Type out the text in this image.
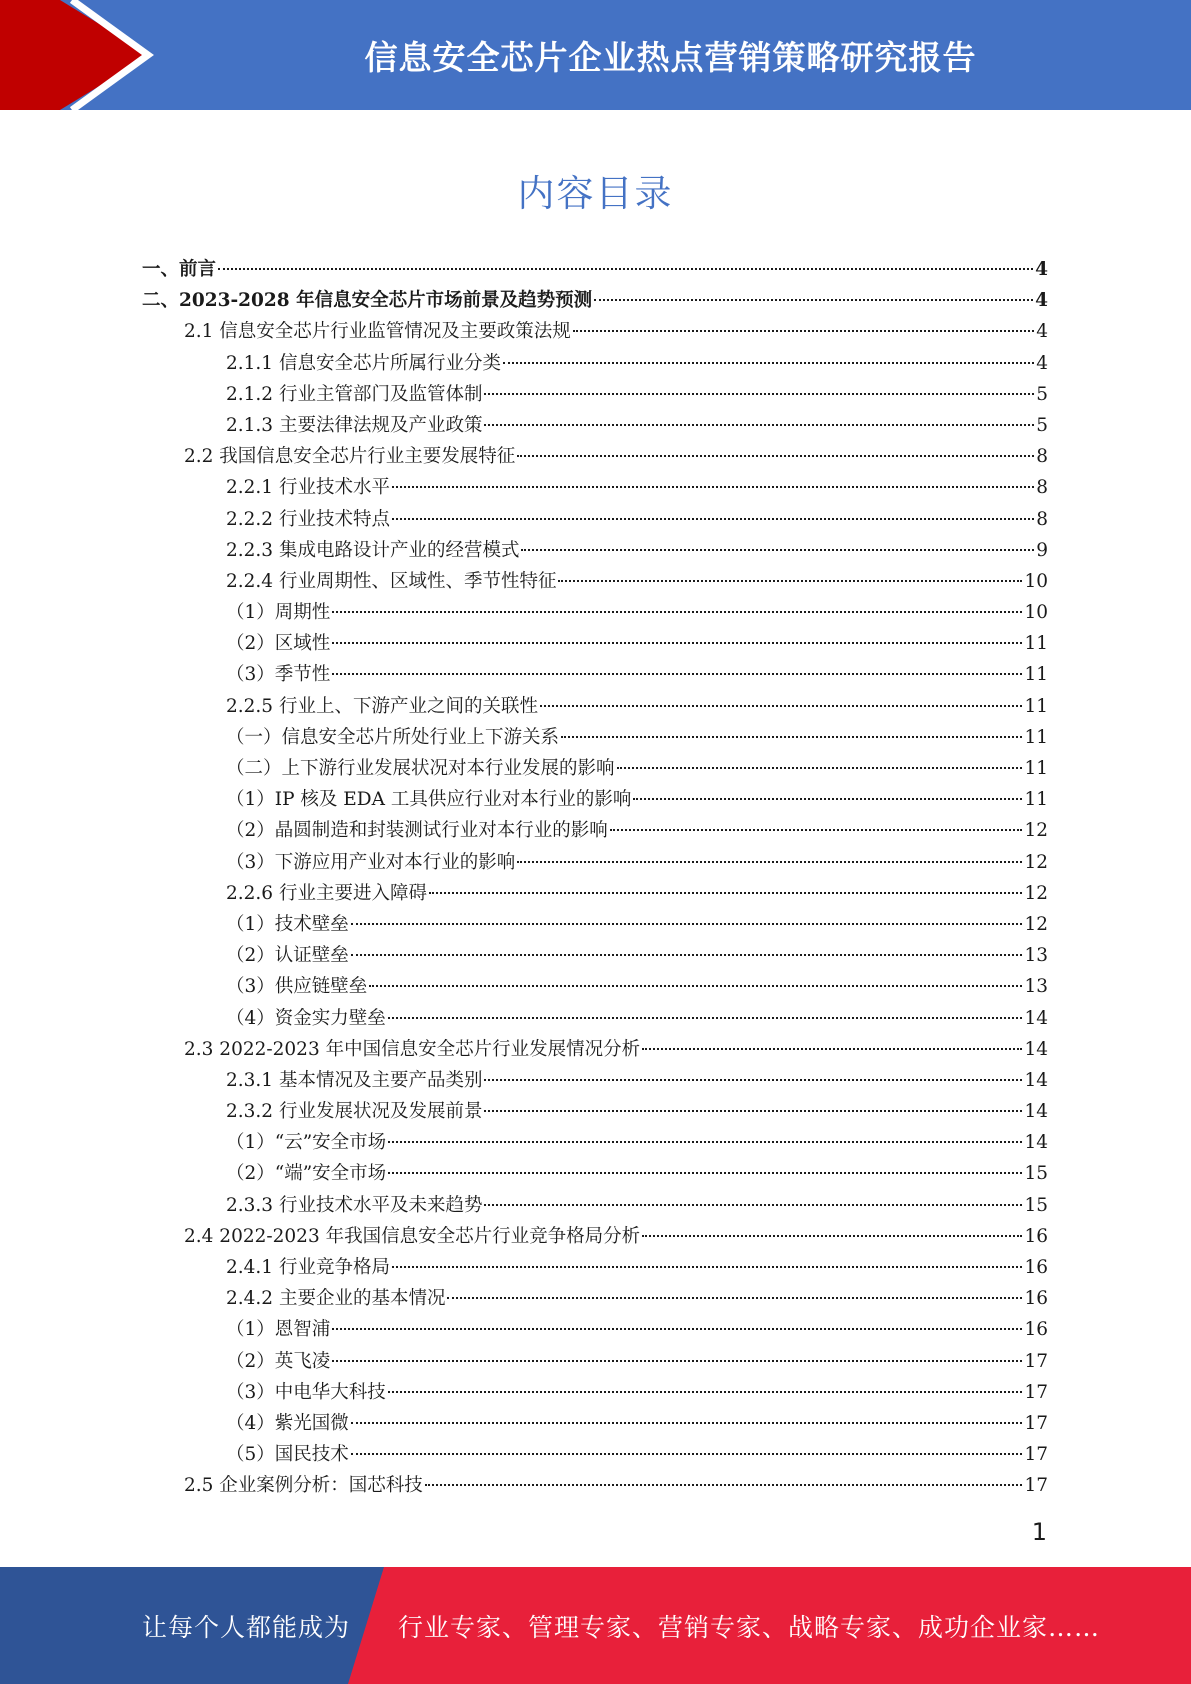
信息安全芯片企业热点营销策略研究报告
内容目录
一、前言	4
二、2023-2028 年信息安全芯片市场前景及趋势预测	4
2.1 信息安全芯片行业监管情况及主要政策法规	4
2.1.1 信息安全芯片所属行业分类	4
2.1.2 行业主管部门及监管体制	5
2.1.3 主要法律法规及产业政策	5
2.2 我国信息安全芯片行业主要发展特征	8
2.2.1 行业技术水平	8
2.2.2 行业技术特点	8
2.2.3 集成电路设计产业的经营模式	9
2.2.4 行业周期性、区域性、季节性特征	10
（1）周期性	10
（2）区域性	11
（3）季节性	11
2.2.5 行业上、下游产业之间的关联性	11
（一）信息安全芯片所处行业上下游关系	11
（二）上下游行业发展状况对本行业发展的影响	11
（1）IP 核及 EDA 工具供应行业对本行业的影响	11
（2）晶圆制造和封装测试行业对本行业的影响	12
（3）下游应用产业对本行业的影响	12
2.2.6 行业主要进入障碍	12
（1）技术壁垒	12
（2）认证壁垒	13
（3）供应链壁垒	13
（4）资金实力壁垒	14
2.3 2022-2023 年中国信息安全芯片行业发展情况分析	14
2.3.1 基本情况及主要产品类别	14
2.3.2 行业发展状况及发展前景	14
（1）“云”安全市场	14
（2）“端”安全市场	15
2.3.3 行业技术水平及未来趋势	15
2.4 2022-2023 年我国信息安全芯片行业竞争格局分析	16
2.4.1 行业竞争格局	16
2.4.2 主要企业的基本情况	16
（1）恩智浦	16
（2）英飞凌	17
（3）中电华大科技	17
（4）紫光国微	17
（5）国民技术	17
2.5 企业案例分析：国芯科技	17
1
让每个人都能成为 行业专家、管理专家、营销专家、战略专家、成功企业家……
